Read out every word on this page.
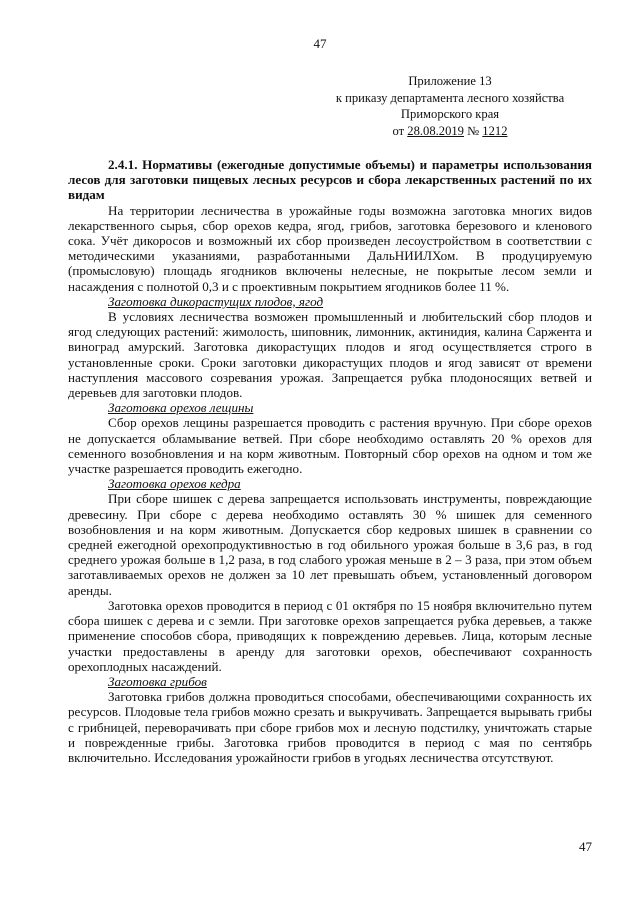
47
Приложение 13
к приказу департамента лесного хозяйства
Приморского края
от 28.08.2019 № 1212

2.4.1. Нормативы (ежегодные допустимые объемы) и параметры использования лесов для заготовки пищевых лесных ресурсов и сбора лекарственных растений по их видам

На территории лесничества в урожайные годы возможна заготовка многих видов лекарственного сырья, сбор орехов кедра, ягод, грибов, заготовка березового и кленового сока. Учёт дикоросов и возможный их сбор произведен лесоустройством в соответствии с методическими указаниями, разработанными ДальНИИЛХом. В продуцируемую (промысловую) площадь ягодников включены нелесные, не покрытые лесом земли и насаждения с полнотой 0,3 и с проективным покрытием ягодников более 11 %.

Заготовка дикорастущих плодов, ягод

В условиях лесничества возможен промышленный и любительский сбор плодов и ягод следующих растений: жимолость, шиповник, лимонник, актинидия, калина Саржента и виноград амурский. Заготовка дикорастущих плодов и ягод осуществляется строго в установленные сроки. Сроки заготовки дикорастущих плодов и ягод зависят от времени наступления массового созревания урожая. Запрещается рубка плодоносящих ветвей и деревьев для заготовки плодов.

Заготовка орехов лещины

Сбор орехов лещины разрешается проводить с растения вручную. При сборе орехов не допускается обламывание ветвей. При сборе необходимо оставлять 20 % орехов для семенного возобновления и на корм животным. Повторный сбор орехов на одном и том же участке разрешается проводить ежегодно.

Заготовка орехов кедра

При сборе шишек с дерева запрещается использовать инструменты, повреждающие древесину. При сборе с дерева необходимо оставлять 30 % шишек для семенного возобновления и на корм животным. Допускается сбор кедровых шишек в сравнении со средней ежегодной орехопродуктивностью в год обильного урожая больше в 3,6 раз, в год среднего урожая больше в 1,2 раза, в год слабого урожая меньше в 2 – 3 раза, при этом объем заготавливаемых орехов не должен за 10 лет превышать объем, установленный договором аренды.

Заготовка орехов проводится в период с 01 октября по 15 ноября включительно путем сбора шишек с дерева и с земли. При заготовке орехов запрещается рубка деревьев, а также применение способов сбора, приводящих к повреждению деревьев. Лица, которым лесные участки предоставлены в аренду для заготовки орехов, обеспечивают сохранность орехоплодных насаждений.

Заготовка грибов

Заготовка грибов должна проводиться способами, обеспечивающими сохранность их ресурсов. Плодовые тела грибов можно срезать и выкручивать. Запрещается вырывать грибы с грибницей, переворачивать при сборе грибов мох и лесную подстилку, уничтожать старые и поврежденные грибы. Заготовка грибов проводится в период с мая по сентябрь включительно. Исследования урожайности грибов в угодьях лесничества отсутствуют.

47
